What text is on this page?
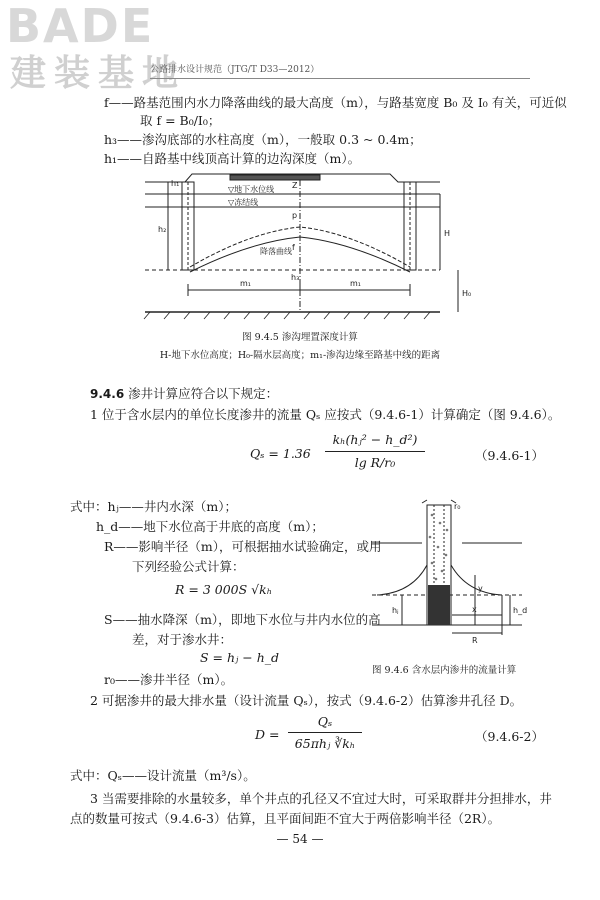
BADE
建装基地
公路排水设计规范（JTG/T D33—2012）
f——路基范围内水力降落曲线的最大高度（m），与路基宽度 B₀ 及 I₀ 有关，可近似
取 f = B₀/I₀；
h₃——渗沟底部的水柱高度（m），一般取 0.3 ~ 0.4m；
h₁——自路基中线顶高计算的边沟深度（m）。
▽地下水位线
▽冻结线
降落曲线
m₁	m₁
h₁
h₂
h₃
Z
p
f
H
H₀
图 9.4.5 渗沟埋置深度计算
H-地下水位高度；H₀-隔水层高度；m₁-渗沟边缘至路基中线的距离
9.4.6 渗井计算应符合以下规定：
1 位于含水层内的单位长度渗井的流量 Qₛ 应按式（9.4.6-1）计算确定（图 9.4.6）。
Qₛ = 1.36
kₕ(hⱼ² − h_d²)
lg R/r₀	（9.4.6-1）
式中：hⱼ——井内水深（m）；
h_d——地下水位高于井底的高度（m）；
R——影响半径（m），可根据抽水试验确定，或用
下列经验公式计算：
R = 3 000S √kₕ
S——抽水降深（m），即地下水位与井内水位的高
差，对于渗水井：
S = hⱼ − h_d
r₀——渗井半径（m）。
r₀
hⱼ
y
x
R
h_d
图 9.4.6 含水层内渗井的流量计算
2 可据渗井的最大排水量（设计流量 Qₛ），按式（9.4.6-2）估算渗井孔径 D。
D =
Qₛ
65πhⱼ ∛kₕ	（9.4.6-2）
式中：Qₛ——设计流量（m³/s）。
3 当需要排除的水量较多，单个井点的孔径又不宜过大时，可采取群井分担排水，井
点的数量可按式（9.4.6-3）估算，且平面间距不宜大于两倍影响半径（2R）。
— 54 —
